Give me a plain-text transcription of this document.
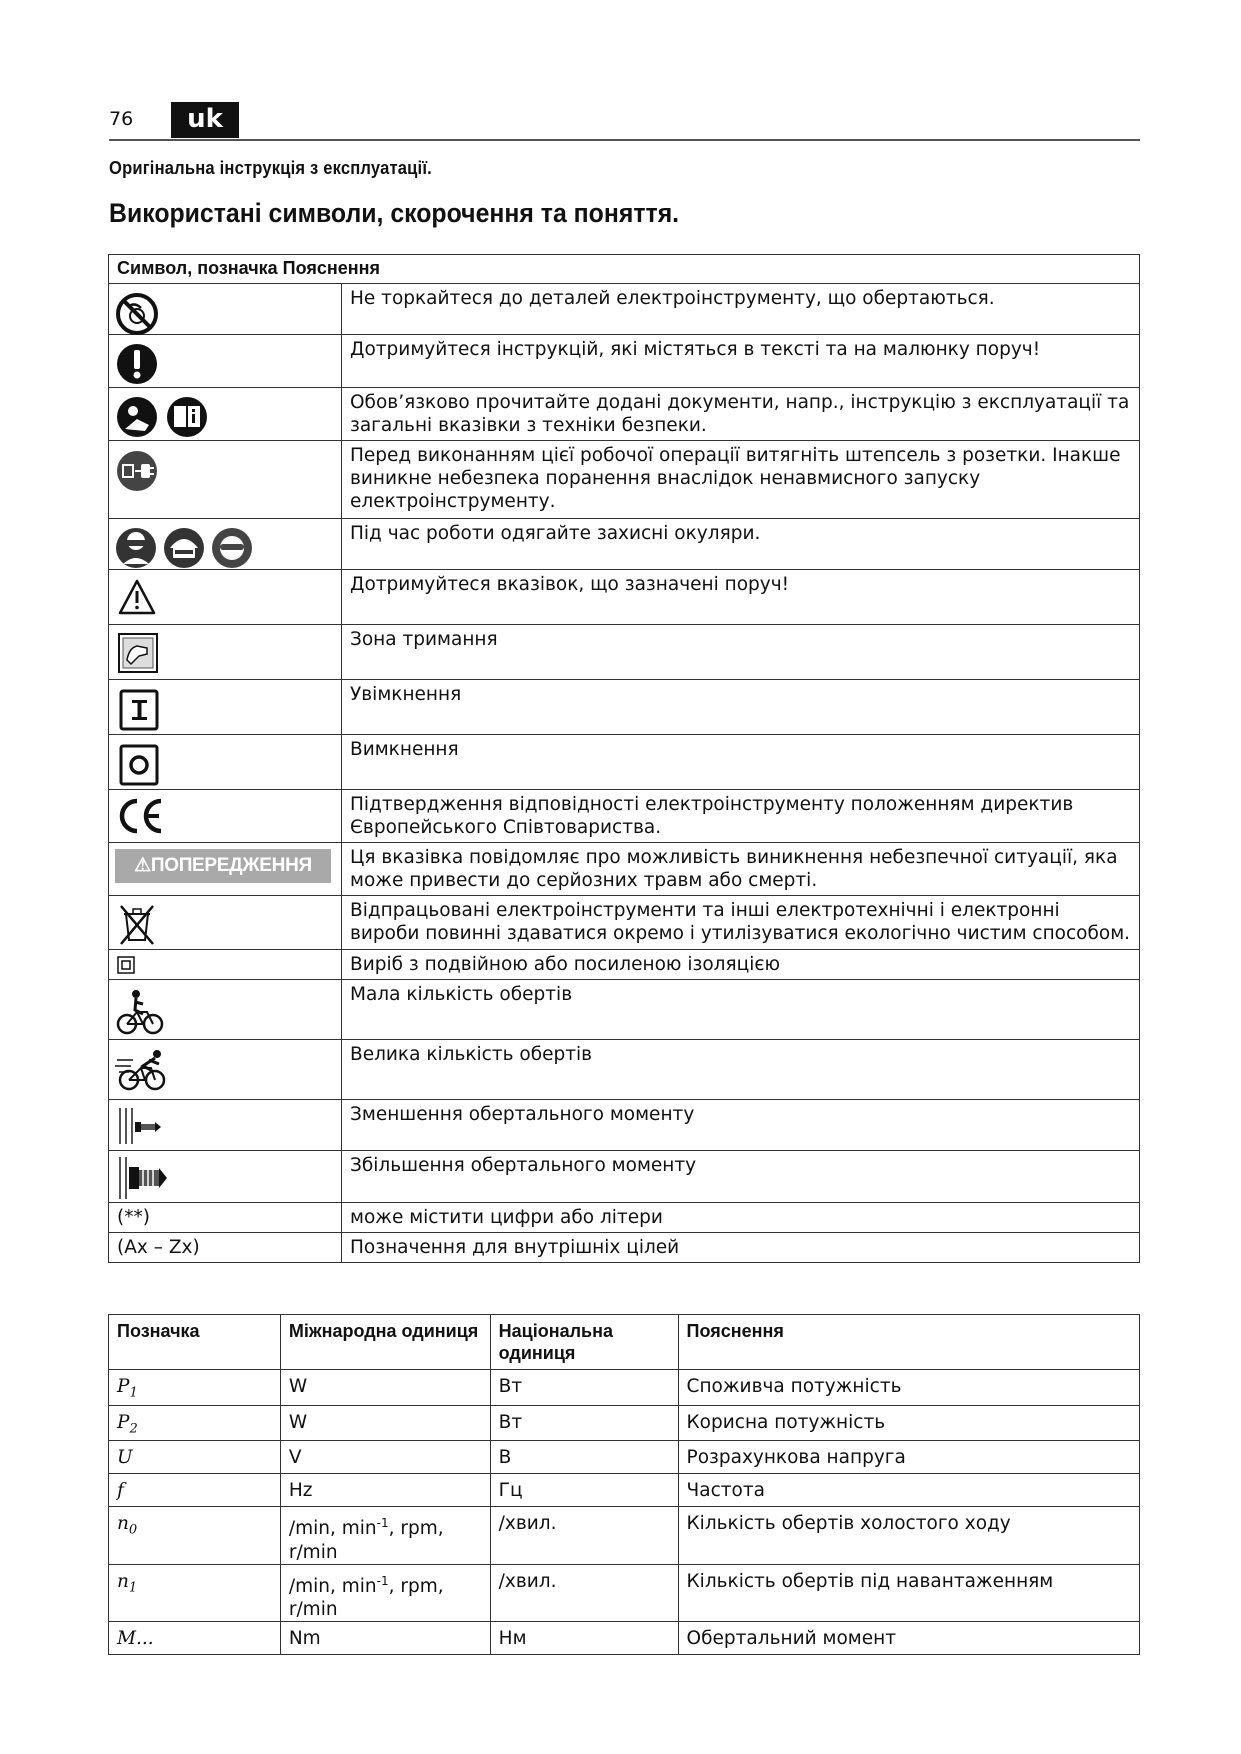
76	uk
Оригінальна інструкція з експлуатації.
Використані символи, скорочення та поняття.
Символ, позначка Пояснення	

	Не торкайтеся до деталей електроінструменту, що обертаються.

	Дотримуйтеся інструкцій, які містяться в тексті та на малюнку поруч!

	Обов’язково прочитайте додані документи, напр., інструкцію з експлуатації та загальні вказівки з техніки безпеки.

	Перед виконанням цієї робочої операції витягніть штепсель з розетки. Інакше виникне небезпека поранення внаслідок ненавмисного запуску електроінструменту.

	Під час роботи одягайте захисні окуляри.

	Дотримуйтеся вказівок, що зазначені поруч!

	Зона тримання

	Увімкнення

	Вимкнення

	Підтвердження відповідності електроінструменту положенням директив Європейського Співтовариства.

⚠ПОПЕРЕДЖЕННЯ	Ця вказівка повідомляє про можливість виникнення небезпечної ситуації, яка може привести до серйозних травм або смерті.

	Відпрацьовані електроінструменти та інші електротехнічні і електронні вироби повинні здаватися окремо і утилізуватися екологічно чистим способом.

	Виріб з подвійною або посиленою ізоляцією

	Мала кількість обертів

	Велика кількість обертів

	Зменшення обертального моменту

	Збільшення обертального моменту
(**)	може містити цифри або літери
(Ax – Zx)	Позначення для внутрішніх цілей
Позначка	Міжнародна одиниця	Національна одиниця	Пояснення
$P_1$	W	Вт	Споживча потужність
$P_2$	W	Вт	Корисна потужність
U	V	В	Розрахункова напруга
f	Hz	Гц	Частота
$n_0$	/min, $\min^{-1}$, rpm, r/min	/хвил.	Кількість обертів холостого ходу
$n_1$	/min, $\min^{-1}$, rpm, r/min	/хвил.	Кількість обертів під навантаженням
M...	Nm	Нм	Обертальний момент
